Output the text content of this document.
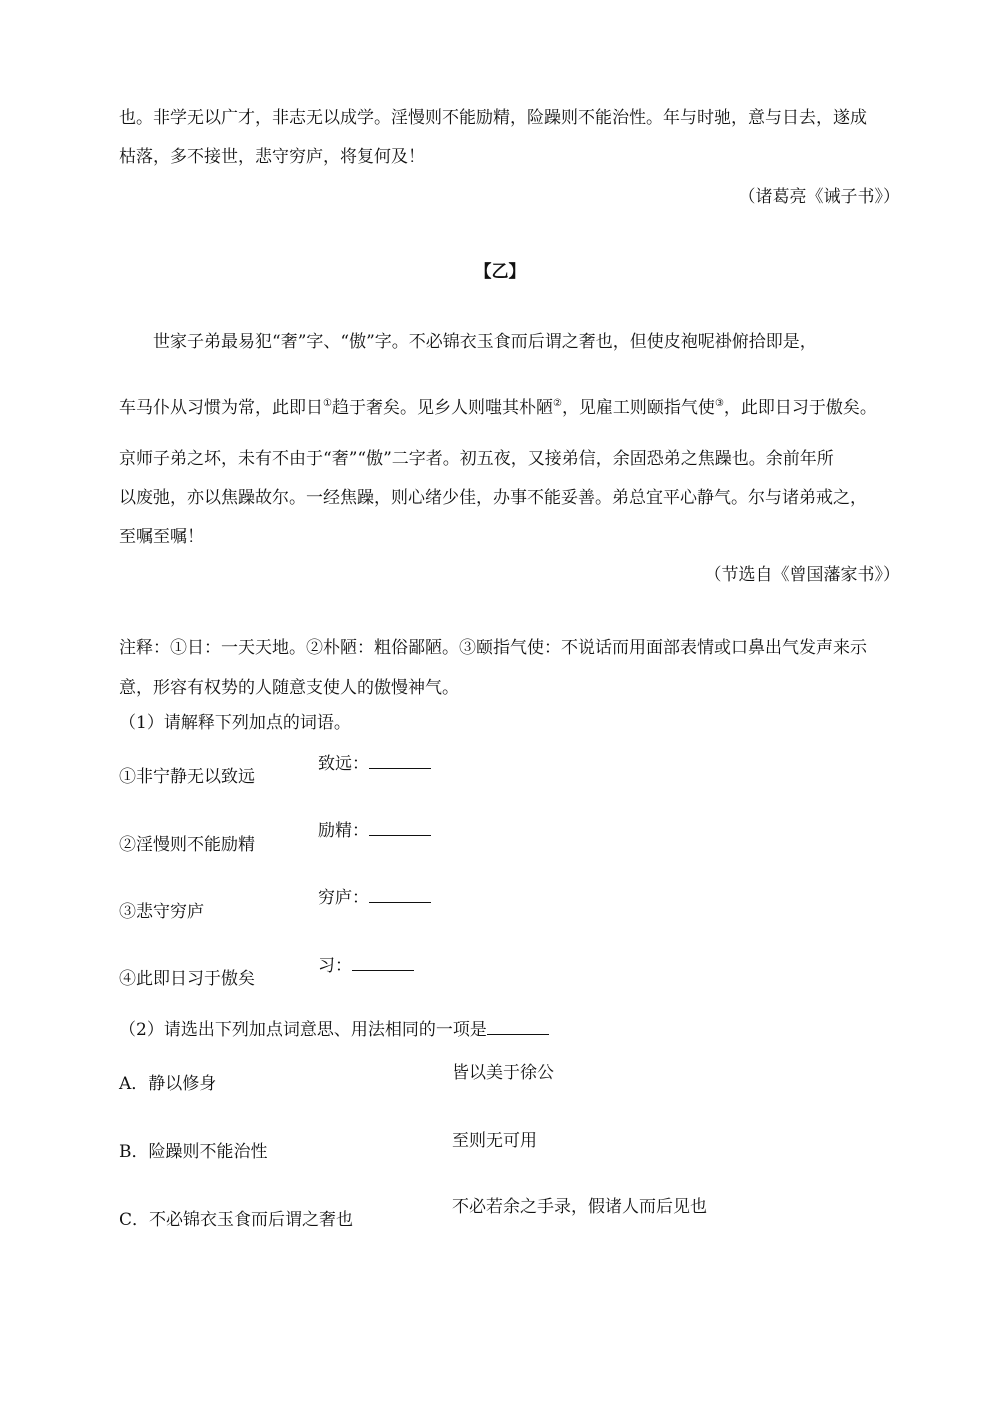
也。非学无以广才，非志无以成学。淫慢则不能励精，险躁则不能治性。年与时驰，意与日去，遂成
枯落，多不接世，悲守穷庐，将复何及！
（诸葛亮《诫子书》）
【乙】
世家子弟最易犯“奢”字、“傲”字。不必锦衣玉食而后谓之奢也，但使皮袍呢褂俯拾即是，
车马仆从习惯为常，此即日①趋于奢矣。见乡人则嗤其朴陋②，见雇工则颐指气使③，此即日习于傲矣。
京师子弟之坏，未有不由于“奢”“傲”二字者。初五夜，又接弟信，余固恐弟之焦躁也。余前年所
以废弛，亦以焦躁故尔。一经焦躁，则心绪少佳，办事不能妥善。弟总宜平心静气。尔与诸弟戒之，
至嘱至嘱！
（节选自《曾国藩家书》）
注释：①日：一天天地。②朴陋：粗俗鄙陋。③颐指气使：不说话而用面部表情或口鼻出气发声来示
意，形容有权势的人随意支使人的傲慢神气。
（1）请解释下列加点的词语。
①非宁静无以致远
致远：
②淫慢则不能励精
励精：
③悲守穷庐
穷庐：
④此即日习于傲矣
习：
（2）请选出下列加点词意思、用法相同的一项是
A．静以修身
皆以美于徐公
B．险躁则不能治性
至则无可用
C．不必锦衣玉食而后谓之奢也
不必若余之手录，假诸人而后见也
